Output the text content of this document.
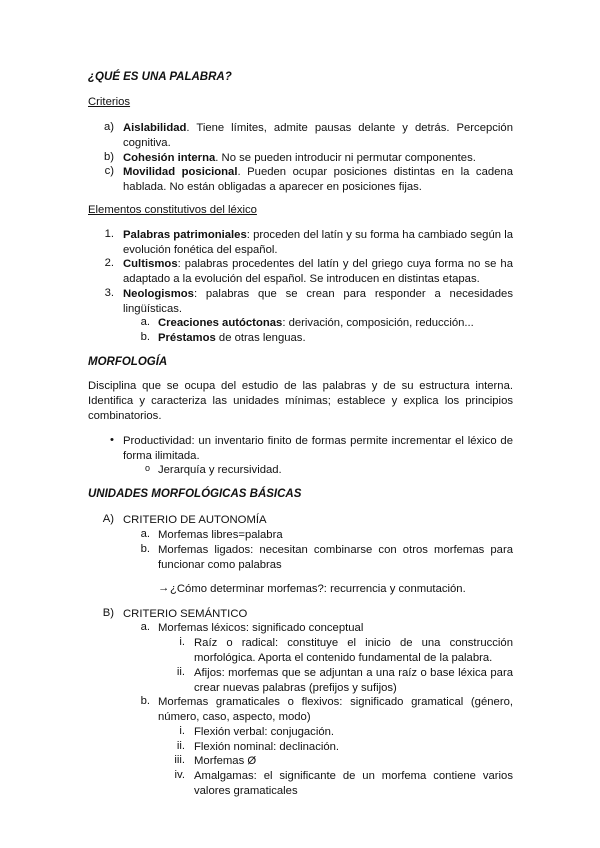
¿QUÉ ES UNA PALABRA?
Criterios
a) Aislabilidad. Tiene límites, admite pausas delante y detrás. Percepción cognitiva.
b) Cohesión interna. No se pueden introducir ni permutar componentes.
c) Movilidad posicional. Pueden ocupar posiciones distintas en la cadena hablada. No están obligadas a aparecer en posiciones fijas.
Elementos constitutivos del léxico
1. Palabras patrimoniales: proceden del latín y su forma ha cambiado según la evolución fonética del español.
2. Cultismos: palabras procedentes del latín y del griego cuya forma no se ha adaptado a la evolución del español. Se introducen en distintas etapas.
3. Neologismos: palabras que se crean para responder a necesidades lingüísticas.
a. Creaciones autóctonas: derivación, composición, reducción...
b. Préstamos de otras lenguas.
MORFOLOGÍA
Disciplina que se ocupa del estudio de las palabras y de su estructura interna. Identifica y caracteriza las unidades mínimas; establece y explica los principios combinatorios.
• Productividad: un inventario finito de formas permite incrementar el léxico de forma ilimitada.
o Jerarquía y recursividad.
UNIDADES MORFOLÓGICAS BÁSICAS
A) CRITERIO DE AUTONOMÍA
a. Morfemas libres=palabra
b. Morfemas ligados: necesitan combinarse con otros morfemas para funcionar como palabras
→ ¿Cómo determinar morfemas?: recurrencia y conmutación.
B) CRITERIO SEMÁNTICO
a. Morfemas léxicos: significado conceptual
i. Raíz o radical: constituye el inicio de una construcción morfológica. Aporta el contenido fundamental de la palabra.
ii. Afijos: morfemas que se adjuntan a una raíz o base léxica para crear nuevas palabras (prefijos y sufijos)
b. Morfemas gramaticales o flexivos: significado gramatical (género, número, caso, aspecto, modo)
i. Flexión verbal: conjugación.
ii. Flexión nominal: declinación.
iii. Morfemas Ø
iv. Amalgamas: el significante de un morfema contiene varios valores gramaticales
